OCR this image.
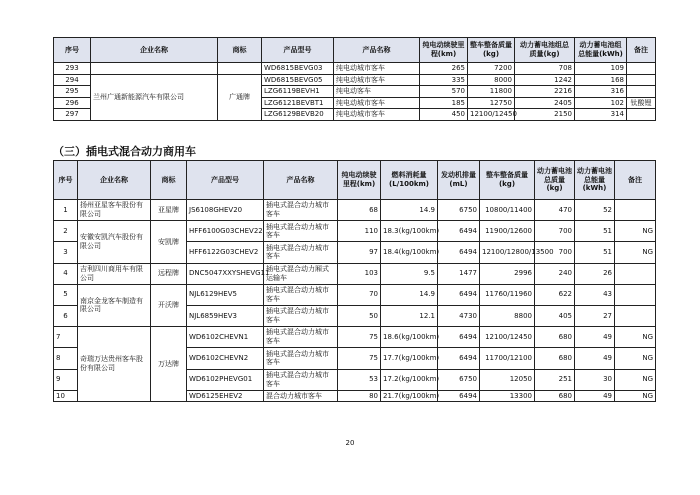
序号	企业名称	商标	产品型号	产品名称	纯电动续驶里程(km)	整车整备质量(kg)	动力蓄电池组总质量(kg)	动力蓄电池组总能量(kWh)	备注
293			WD6815BEVG03	纯电动城市客车	265	7200	708	109	
294	兰州广通新能源汽车有限公司	广通牌	WD6815BEVG05	纯电动城市客车	335	8000	1242	168	
295			LZG6119BEVH1	纯电动客车	570	11800	2216	316	
296			LZG6121BEVBT1	纯电动城市客车	185	12750	2405	102	钛酸锂
297			LZG6129BEVB20	纯电动城市客车	450	12100/12450	2150	314	
（三）插电式混合动力商用车
序号	企业名称	商标	产品型号	产品名称	纯电动续驶里程(km)	燃料消耗量(L/100km)	发动机排量(mL)	整车整备质量(kg)	动力蓄电池总质量(kg)	动力蓄电池总能量(kWh)	备注
1	扬州亚星客车股份有限公司	亚星牌	JS6108GHEV20	插电式混合动力城市客车	68	14.9	6750	10800/11400	470	52	
2	安徽安凯汽车股份有限公司	安凯牌	HFF6100G03CHEV22	插电式混合动力城市客车	110	18.3(kg/100km)	6494	11900/12600	700	51	NG
3			HFF6122G03CHEV2	插电式混合动力城市客车	97	18.4(kg/100km)	6494	12100/12800/13500	700	51	NG
4	吉利四川商用车有限公司	远程牌	DNC5047XXYSHEVG11	插电式混合动力厢式运输车	103	9.5	1477	2996	240	26	
5	南京金龙客车制造有限公司	开沃牌	NJL6129HEV5	插电式混合动力城市客车	70	14.9	6494	11760/11960	622	43	
6			NJL6859HEV3	插电式混合动力城市客车	50	12.1	4730	8800	405	27	
7	奇瑞万达贵州客车股份有限公司	万达牌	WD6102CHEVN1	插电式混合动力城市客车	75	18.6(kg/100km)	6494	12100/12450	680	49	NG
8			WD6102CHEVN2	插电式混合动力城市客车	75	17.7(kg/100km)	6494	11700/12100	680	49	NG
9			WD6102PHEVG01	插电式混合动力城市客车	53	17.2(kg/100km)	6750	12050	251	30	NG
10			WD6125EHEV2	混合动力城市客车	80	21.7(kg/100km)	6494	13300	680	49	NG
20
